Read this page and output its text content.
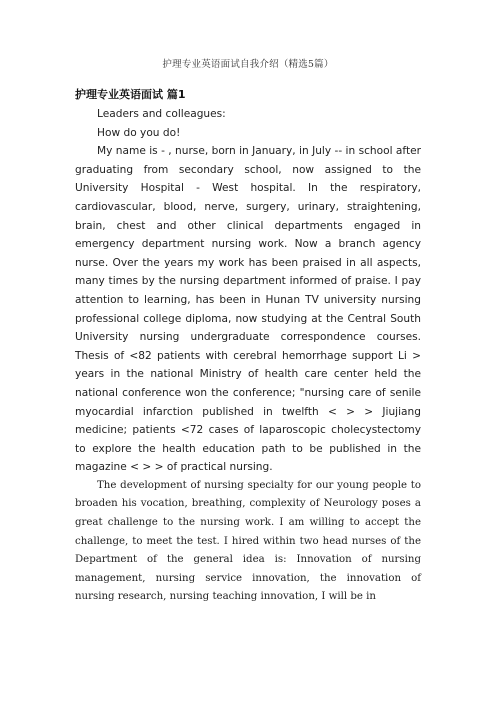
护理专业英语面试自我介绍（精选5篇）
护理专业英语面试 篇1

Leaders and colleagues:

How do you do!

My name is - , nurse, born in January, in July -- in school after graduating from secondary school, now assigned to the University Hospital - West hospital. In the respiratory, cardiovascular, blood, nerve, surgery, urinary, straightening, brain, chest and other clinical departments engaged in emergency department nursing work. Now a branch agency nurse. Over the years my work has been praised in all aspects, many times by the nursing department informed of praise. I pay attention to learning, has been in Hunan TV university nursing professional college diploma, now studying at the Central South University nursing undergraduate correspondence courses. Thesis of <82 patients with cerebral hemorrhage support Li > years in the national Ministry of health care center held the national conference won the conference; "nursing care of senile myocardial infarction published in twelfth < > > Jiujiang medicine; patients <72 cases of laparoscopic cholecystectomy to explore the health education path to be published in the magazine < > > of practical nursing.

The development of nursing specialty for our young people to broaden his vocation, breathing, complexity of Neurology poses a great challenge to the nursing work. I am willing to accept the challenge, to meet the test. I hired within two head nurses of the Department of the general idea is: Innovation of nursing management, nursing service innovation, the innovation of nursing research, nursing teaching innovation, I will be in
